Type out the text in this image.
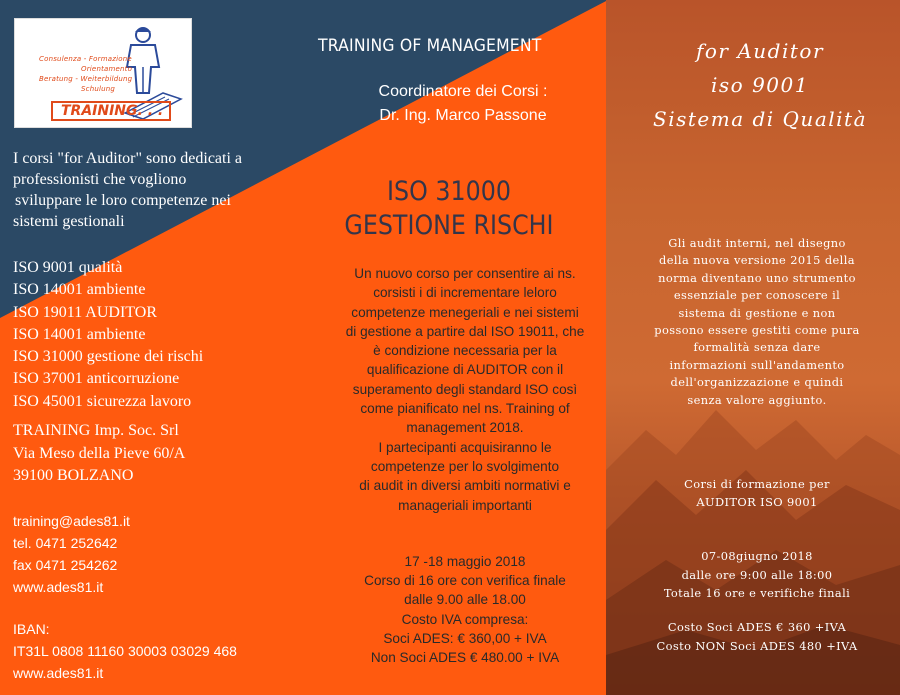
Consulenza - Formazione
Orientamento
Beratung - Weiterbildung
Schulung
TRAINING. . .
I corsi "for Auditor" sono dedicati a
professionisti che vogliono
sviluppare le loro competenze nei
sistemi gestionali
ISO 9001 qualità
ISO 14001 ambiente
ISO 19011 AUDITOR
ISO 14001 ambiente
ISO 31000 gestione dei rischi
ISO 37001 anticorruzione
ISO 45001 sicurezza lavoro
TRAINING Imp. Soc. Srl
Via Meso della Pieve 60/A
39100 BOLZANO
training@ades81.it
tel. 0471 252642
fax 0471 254262
www.ades81.it
IBAN:
IT31L 0808 11160 30003 03029 468
www.ades81.it
TRAINING OF MANAGEMENT
Coordinatore dei Corsi :
Dr. Ing. Marco Passone
ISO 31000
GESTIONE RISCHI
Un nuovo corso per consentire ai ns.
corsisti i di incrementare leloro
competenze menegeriali e nei sistemi
di gestione a partire dal ISO 19011, che
è condizione necessaria per la
qualificazione di AUDITOR con il
superamento degli standard ISO così
come pianificato nel ns. Training of
management 2018.
I partecipanti acquisiranno le
competenze per lo svolgimento
di audit in diversi ambiti normativi e
manageriali importanti
17 -18 maggio 2018
Corso di 16 ore con verifica finale
dalle 9.00 alle 18.00
Costo IVA compresa:
Soci ADES: € 360,00 + IVA
Non Soci ADES € 480.00 + IVA
for Auditor
iso 9001
Sistema di Qualità
Gli audit interni, nel disegno
della nuova versione 2015 della
norma diventano uno strumento
essenziale per conoscere il
sistema di gestione e non
possono essere gestiti come pura
formalità senza dare
informazioni sull'andamento
dell'organizzazione e quindi
senza valore aggiunto.
Corsi di formazione per
AUDITOR ISO 9001
07-08giugno 2018
dalle ore 9:00 alle 18:00
Totale 16 ore e verifiche finali
Costo Soci ADES € 360 +IVA
Costo NON Soci ADES 480 +IVA
